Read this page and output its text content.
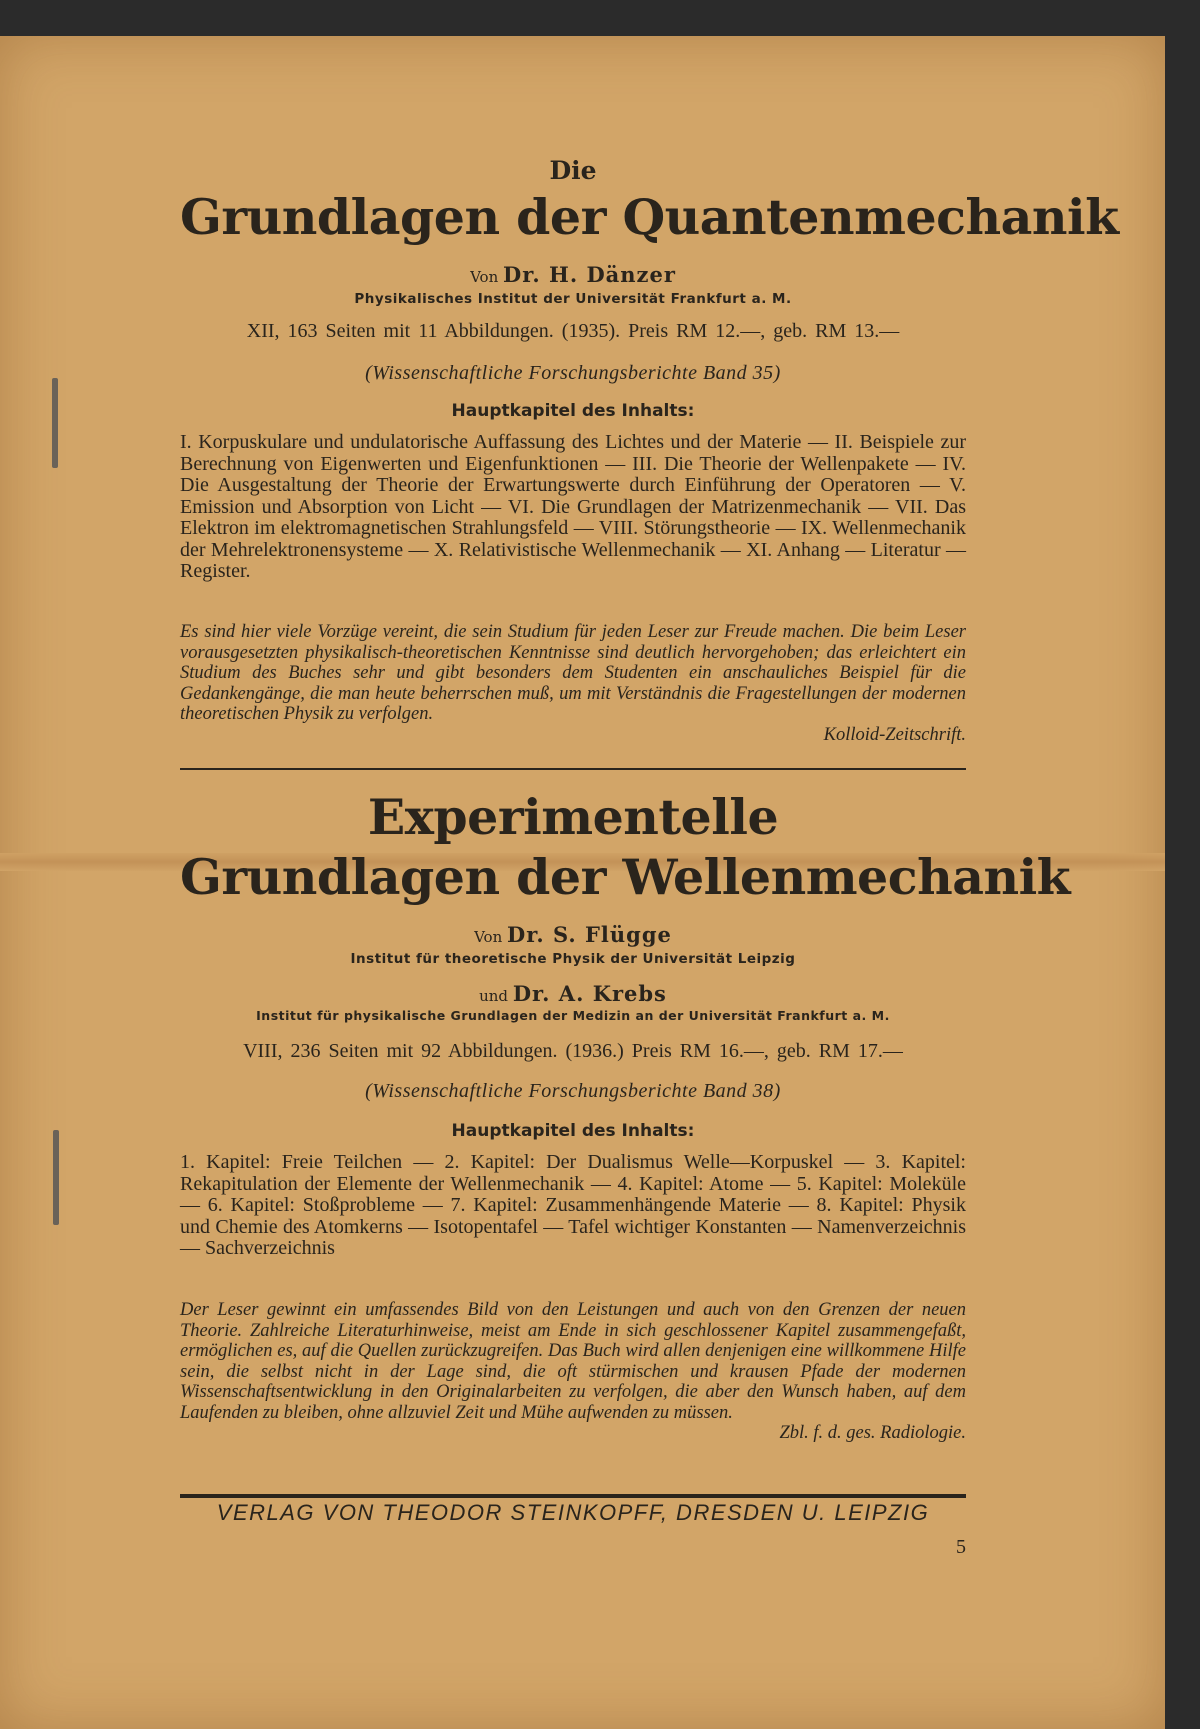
Die
Grundlagen der Quantenmechanik
Von Dr. H. Dänzer
Physikalisches Institut der Universität Frankfurt a. M.
XII, 163 Seiten mit 11 Abbildungen. (1935). Preis RM 12.—, geb. RM 13.—
(Wissenschaftliche Forschungsberichte Band 35)
Hauptkapitel des Inhalts:
I. Korpuskulare und undulatorische Auffassung des Lichtes und der Materie — II. Beispiele zur Berechnung von Eigenwerten und Eigenfunktionen — III. Die Theorie der Wellenpakete — IV. Die Ausgestaltung der Theorie der Erwartungswerte durch Einführung der Operatoren — V. Emission und Absorption von Licht — VI. Die Grundlagen der Matrizenmechanik — VII. Das Elektron im elektromagnetischen Strahlungsfeld — VIII. Störungstheorie — IX. Wellenmechanik der Mehrelektronensysteme — X. Relativistische Wellenmechanik — XI. Anhang — Literatur — Register.
Es sind hier viele Vorzüge vereint, die sein Studium für jeden Leser zur Freude machen. Die beim Leser vorausgesetzten physikalisch-theoretischen Kenntnisse sind deutlich hervorgehoben; das erleichtert ein Studium des Buches sehr und gibt besonders dem Studenten ein anschauliches Beispiel für die Gedankengänge, die man heute beherrschen muß, um mit Verständnis die Fragestellungen der modernen theoretischen Physik zu verfolgen.
Kolloid-Zeitschrift.
Experimentelle
Grundlagen der Wellenmechanik
Von Dr. S. Flügge
Institut für theoretische Physik der Universität Leipzig
und Dr. A. Krebs
Institut für physikalische Grundlagen der Medizin an der Universität Frankfurt a. M.
VIII, 236 Seiten mit 92 Abbildungen. (1936.) Preis RM 16.—, geb. RM 17.—
(Wissenschaftliche Forschungsberichte Band 38)
Hauptkapitel des Inhalts:
1. Kapitel: Freie Teilchen — 2. Kapitel: Der Dualismus Welle—Korpuskel — 3. Kapitel: Rekapitulation der Elemente der Wellenmechanik — 4. Kapitel: Atome — 5. Kapitel: Moleküle — 6. Kapitel: Stoßprobleme — 7. Kapitel: Zusammenhängende Materie — 8. Kapitel: Physik und Chemie des Atomkerns — Isotopentafel — Tafel wichtiger Konstanten — Namenverzeichnis — Sachverzeichnis
Der Leser gewinnt ein umfassendes Bild von den Leistungen und auch von den Grenzen der neuen Theorie. Zahlreiche Literaturhinweise, meist am Ende in sich geschlossener Kapitel zusammengefaßt, ermöglichen es, auf die Quellen zurückzugreifen. Das Buch wird allen denjenigen eine willkommene Hilfe sein, die selbst nicht in der Lage sind, die oft stürmischen und krausen Pfade der modernen Wissenschaftsentwicklung in den Originalarbeiten zu verfolgen, die aber den Wunsch haben, auf dem Laufenden zu bleiben, ohne allzuviel Zeit und Mühe aufwenden zu müssen.
Zbl. f. d. ges. Radiologie.
VERLAG VON THEODOR STEINKOPFF, DRESDEN U. LEIPZIG
5
